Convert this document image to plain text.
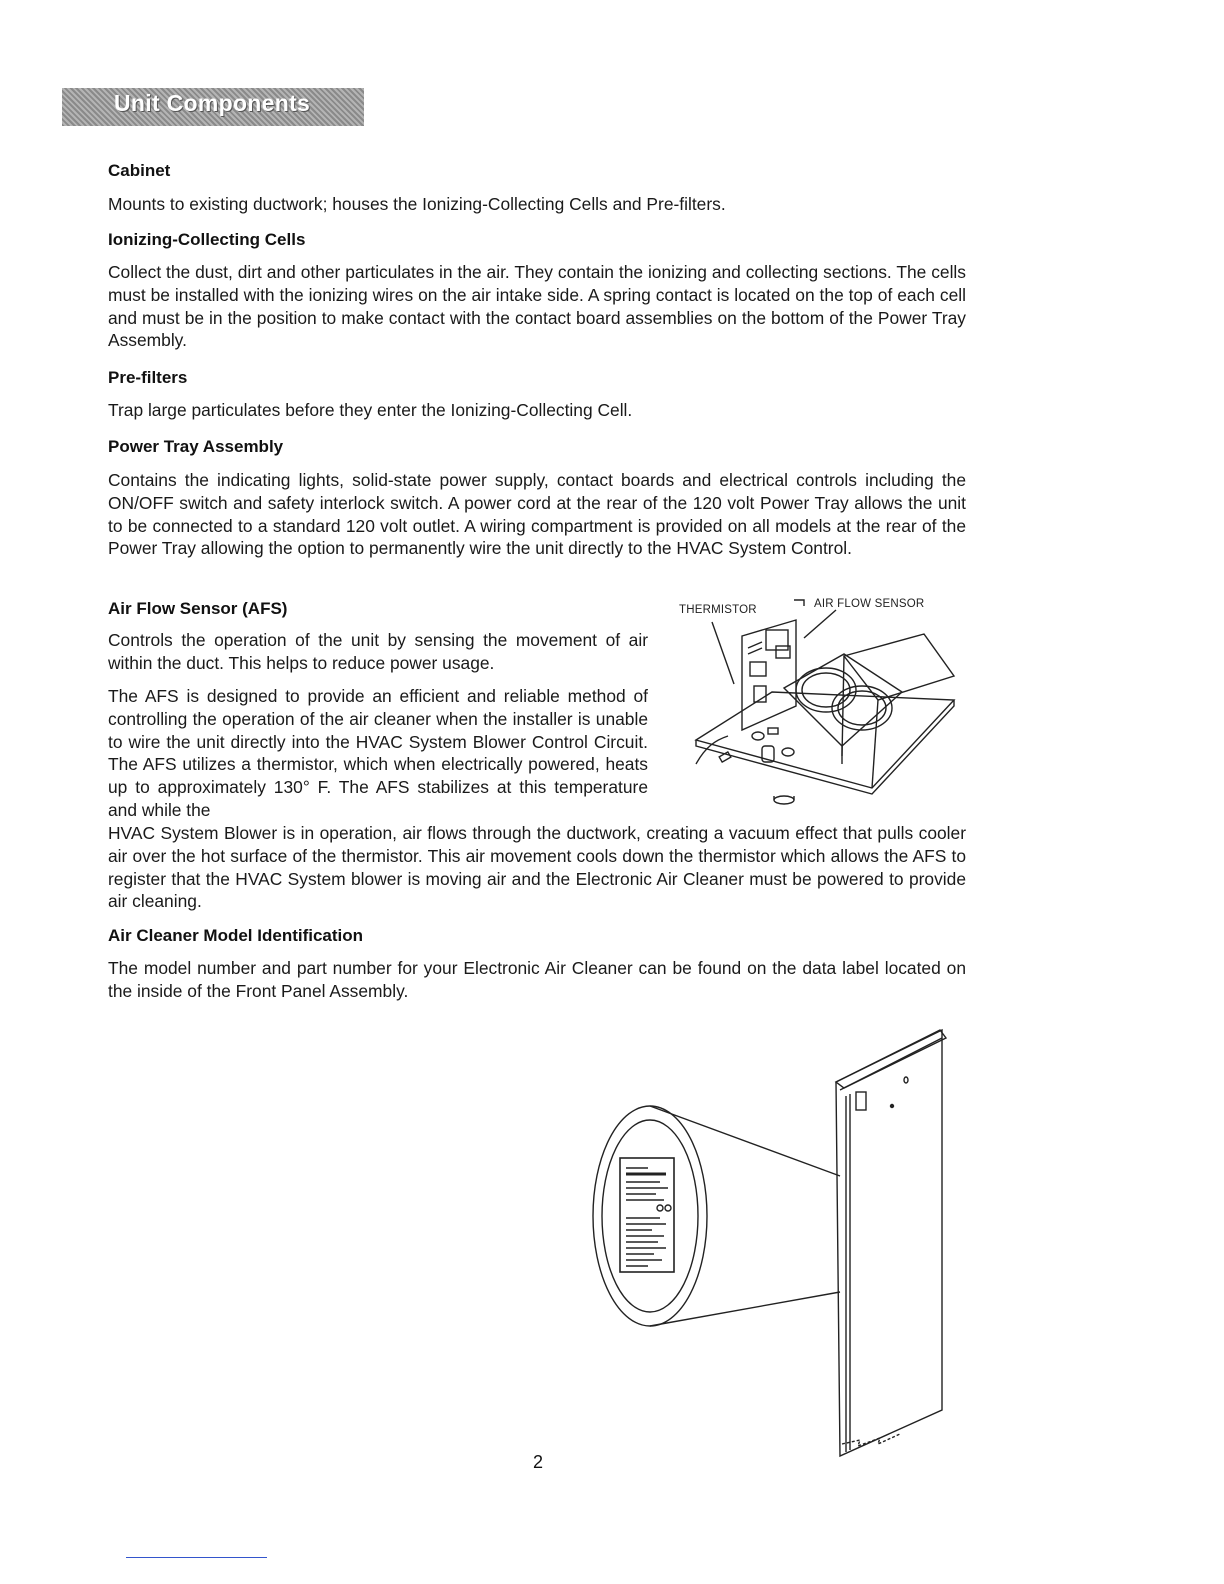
Unit Components
Cabinet

Mounts to existing ductwork; houses the Ionizing-Collecting Cells and Pre-filters.

Ionizing-Collecting Cells

Collect the dust, dirt and other particulates in the air. They contain the ionizing and collecting sections. The cells must be installed with the ionizing wires on the air intake side. A spring contact is located on the top of each cell and must be in the position to make contact with the contact board assemblies on the bottom of the Power Tray Assembly.

Pre-filters

Trap large particulates before they enter the Ionizing-Collecting Cell.

Power Tray Assembly

Contains the indicating lights, solid-state power supply, contact boards and electrical controls including the ON/OFF switch and safety interlock switch. A power cord at the rear of the 120 volt Power Tray allows the unit to be connected to a standard 120 volt outlet. A wiring compartment is provided on all models at the rear of the Power Tray allowing the option to permanently wire the unit directly to the HVAC System Control.

Air Flow Sensor (AFS)

Controls the operation of the unit by sensing the movement of air within the duct. This helps to reduce power usage.

The AFS is designed to provide an efficient and reliable method of controlling the operation of the air cleaner when the installer is unable to wire the unit directly into the HVAC System Blower Control Circuit. The AFS utilizes a thermistor, which when electrically powered, heats up to approximately 130° F. The AFS stabilizes at this temperature and while the

HVAC System Blower is in operation, air flows through the ductwork, creating a vacuum effect that pulls cooler air over the hot surface of the thermistor. This air movement cools down the thermistor which allows the AFS to register that the HVAC System blower is moving air and the Electronic Air Cleaner must be powered to provide air cleaning.

Air Cleaner Model Identification

The model number and part number for your Electronic Air Cleaner can be found on the data label located on the inside of the Front Panel Assembly.

THERMISTOR	AIR FLOW SENSOR
2
